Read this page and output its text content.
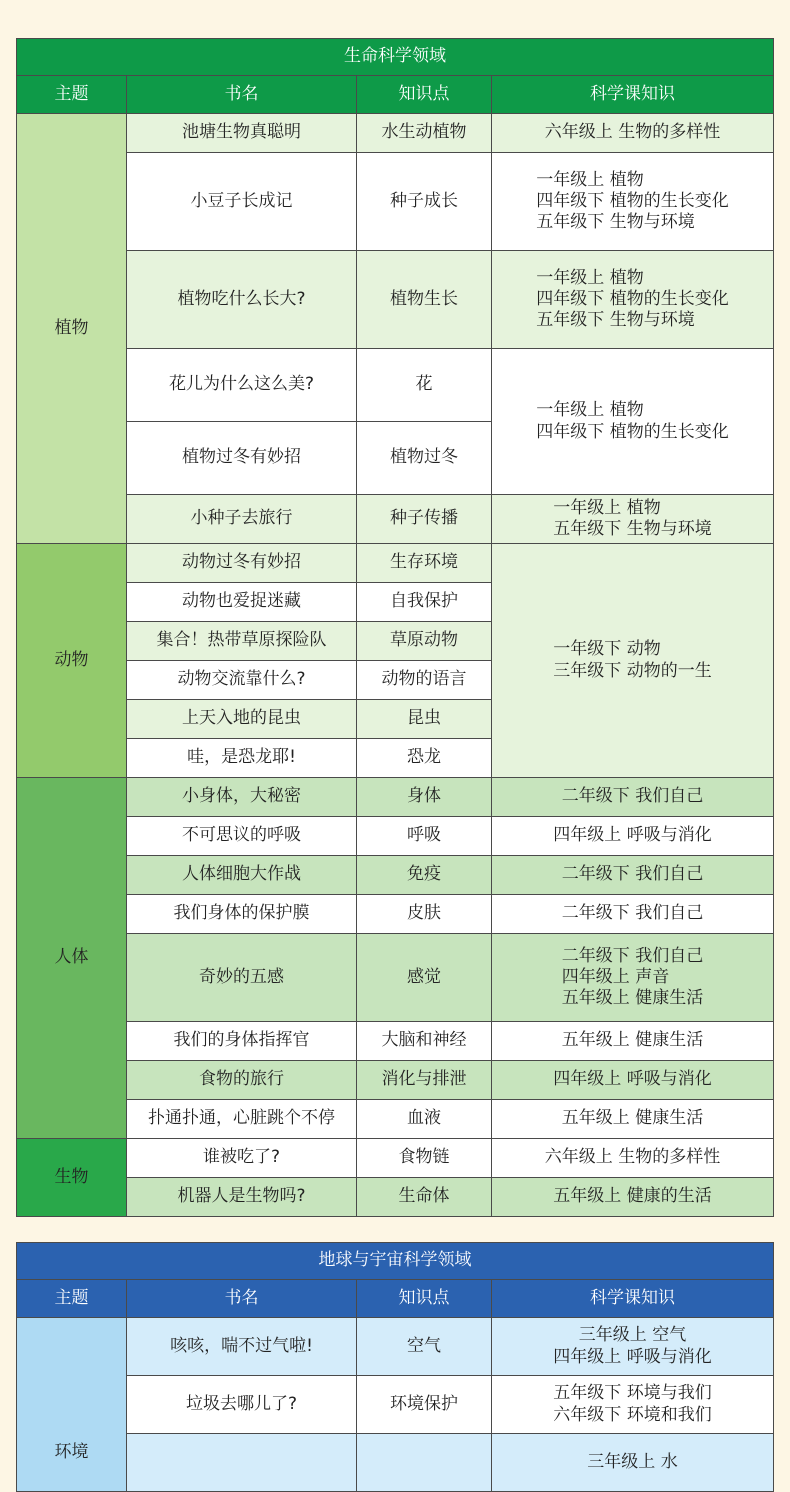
生命科学领域			
主题	书名	知识点	科学课知识
植物	池塘生物真聪明	水生动植物	六年级上 生物的多样性
	小豆子长成记	种子成长	一年级上 植物
四年级下 植物的生长变化
五年级下 生物与环境

	植物吃什么长大?	植物生长	一年级上 植物
四年级下 植物的生长变化
五年级下 生物与环境

	花儿为什么这么美?	花	一年级上 植物
四年级下 植物的生长变化

	植物过冬有妙招	植物过冬	
	小种子去旅行	种子传播	一年级上 植物
五年级下 生物与环境

动物	动物过冬有妙招	生存环境	一年级下 动物
三年级下 动物的一生

	动物也爱捉迷藏	自我保护	
	集合！热带草原探险队	草原动物	
	动物交流靠什么?	动物的语言	
	上天入地的昆虫	昆虫	
	哇，是恐龙耶!	恐龙	
人体	小身体，大秘密	身体	二年级下 我们自己

	不可思议的呼吸	呼吸	四年级上 呼吸与消化

	人体细胞大作战	免疫	二年级下 我们自己

	我们身体的保护膜	皮肤	二年级下 我们自己

	奇妙的五感	感觉	二年级下 我们自己
四年级上 声音
五年级上 健康生活

	我们的身体指挥官	大脑和神经	五年级上 健康生活

	食物的旅行	消化与排泄	四年级上 呼吸与消化

	扑通扑通，心脏跳个不停	血液	五年级上 健康生活

生物	谁被吃了?	食物链	六年级上 生物的多样性
	机器人是生物吗?	生命体	五年级上 健康的生活
地球与宇宙科学领域			
主题	书名	知识点	科学课知识
环境	咳咳，喘不过气啦!	空气	三年级上 空气
四年级上 呼吸与消化

	垃圾去哪儿了?	环境保护	五年级下 环境与我们
六年级下 环境和我们

			三年级上 水
